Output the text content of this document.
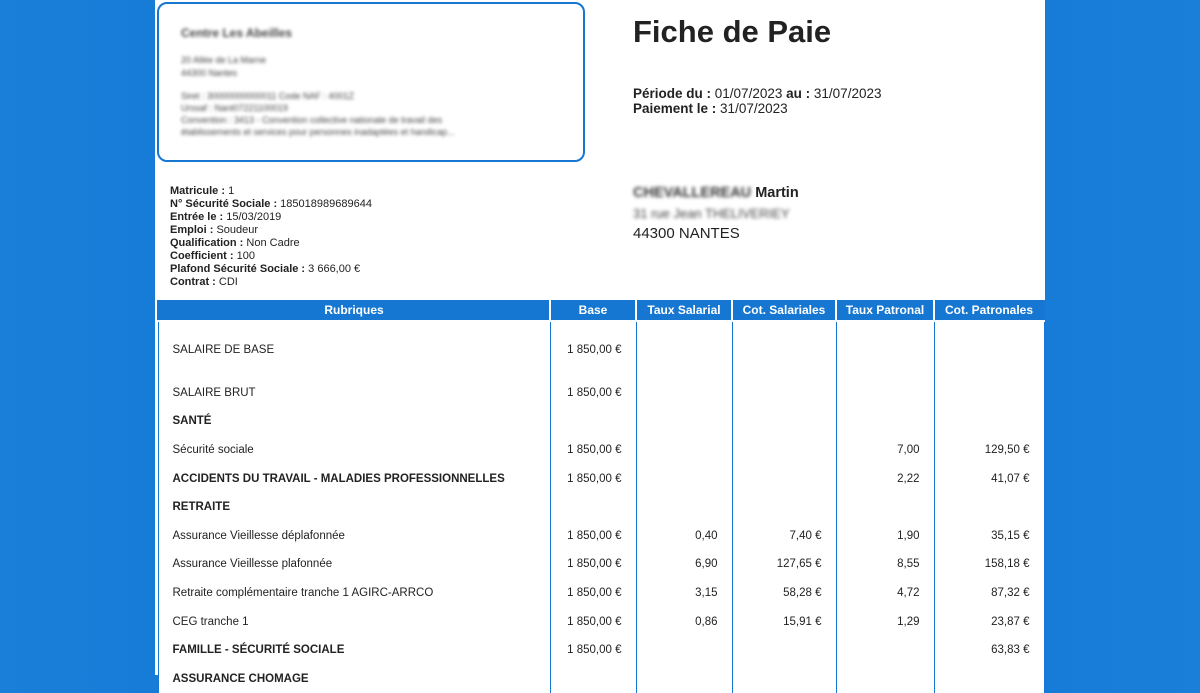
Centre Les Abeilles
20 Allée de La Marne
44300 Nantes
Siret : 30000000000011 Code NAF : 4001Z
Urssaf : Nant07221100019
Convention : 3413 - Convention collective nationale de travail des
établissements et services pour personnes inadaptées et handicap...
Fiche de Paie
Période du : 01/07/2023 au : 31/07/2023
Paiement le : 31/07/2023
Matricule : 1
N° Sécurité Sociale : 185018989689644
Entrée le : 15/03/2019
Emploi : Soudeur
Qualification : Non Cadre
Coefficient : 100
Plafond Sécurité Sociale : 3 666,00 €
Contrat : CDI
CHEVALLEREAU Martin
31 rue Jean THELIVERIEY
44300 NANTES
Rubriques	Base	Taux Salarial	Cot. Salariales	Taux Patronal	Cot. Patronales

SALAIRE DE BASE	1 850,00 €				

SALAIRE BRUT	1 850,00 €				
SANTÉ					
Sécurité sociale	1 850,00 €			7,00	129,50 €
ACCIDENTS DU TRAVAIL - MALADIES PROFESSIONNELLES	1 850,00 €			2,22	41,07 €
RETRAITE					
Assurance Vieillesse déplafonnée	1 850,00 €	0,40	7,40 €	1,90	35,15 €
Assurance Vieillesse plafonnée	1 850,00 €	6,90	127,65 €	8,55	158,18 €
Retraite complémentaire tranche 1 AGIRC-ARRCO	1 850,00 €	3,15	58,28 €	4,72	87,32 €
CEG tranche 1	1 850,00 €	0,86	15,91 €	1,29	23,87 €
FAMILLE - SÉCURITÉ SOCIALE	1 850,00 €				63,83 €
ASSURANCE CHOMAGE					
